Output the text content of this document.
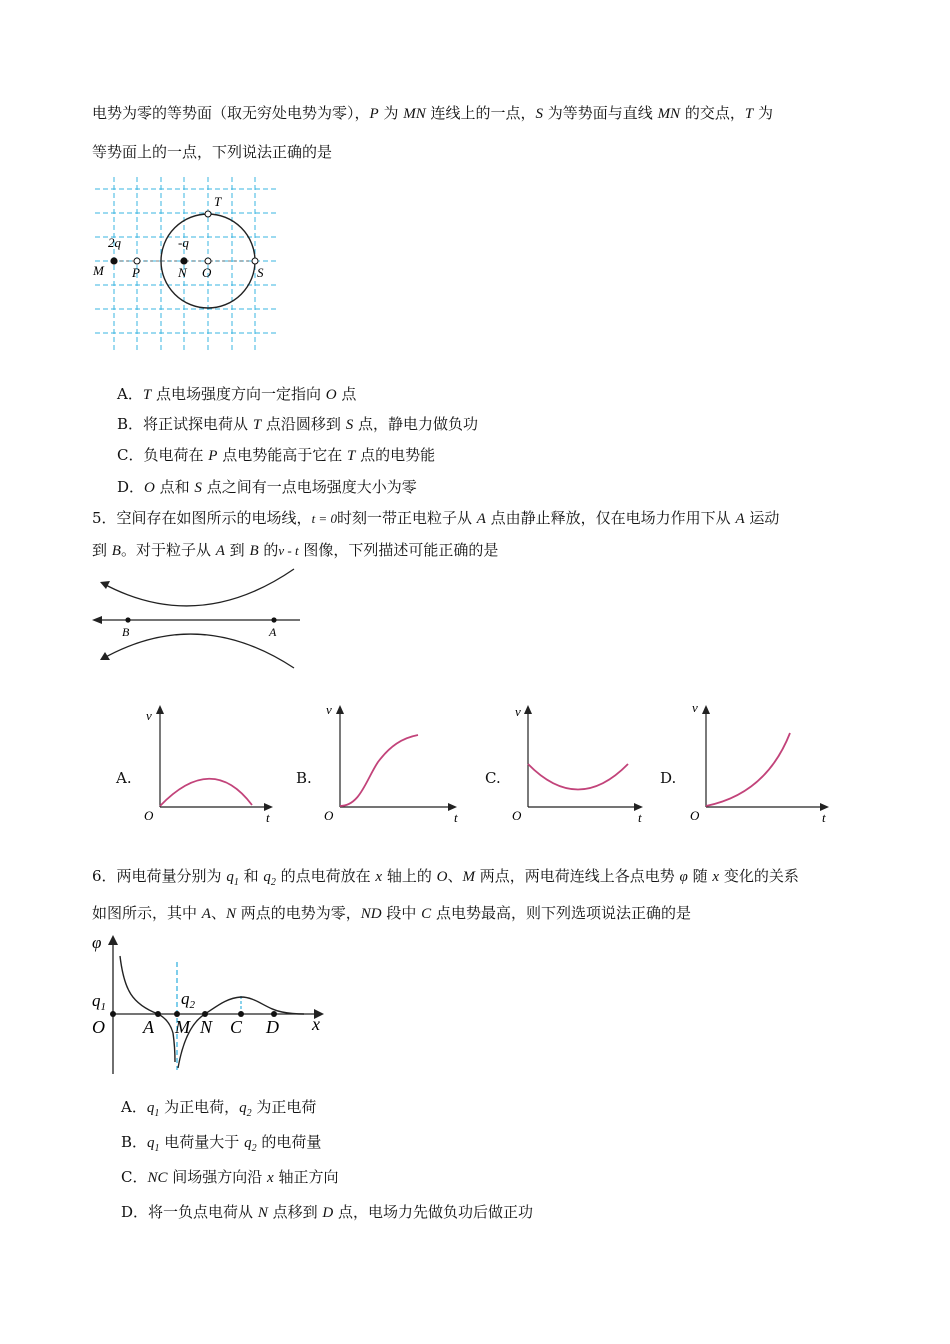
电势为零的等势面（取无穷处电势为零），P 为 MN 连线上的一点，S 为等势面与直线 MN 的交点，T 为
等势面上的一点，下列说法正确的是
T
2q	-q
M P	N O	S
A．T 点电场强度方向一定指向 O 点
B．将正试探电荷从 T 点沿圆移到 S 点，静电力做负功
C．负电荷在 P 点电势能高于它在 T 点的电势能
D．O 点和 S 点之间有一点电场强度大小为零
5．空间存在如图所示的电场线，t = 0时刻一带正电粒子从 A 点由静止释放，仅在电场力作用下从 A 运动
到 B。对于粒子从 A 到 B 的v - t 图像，下列描述可能正确的是
B	A
A.
v
t
O
B.
v
t
O
C.
v
t
O
D.
v
t
O
6．两电荷量分别为 $q_1$ 和 $q_2$ 的点电荷放在 x 轴上的 O、M 两点，两电荷连线上各点电势 φ 随 x 变化的关系
如图所示，其中 A、N 两点的电势为零，ND 段中 C 点电势最高，则下列选项说法正确的是
φ
$q_1$	$q_2$
O A M N C D x
A．$q_1$ 为正电荷，$q_2$ 为正电荷
B．$q_1$ 电荷量大于 $q_2$ 的电荷量
C．NC 间场强方向沿 x 轴正方向
D．将一负点电荷从 N 点移到 D 点，电场力先做负功后做正功
